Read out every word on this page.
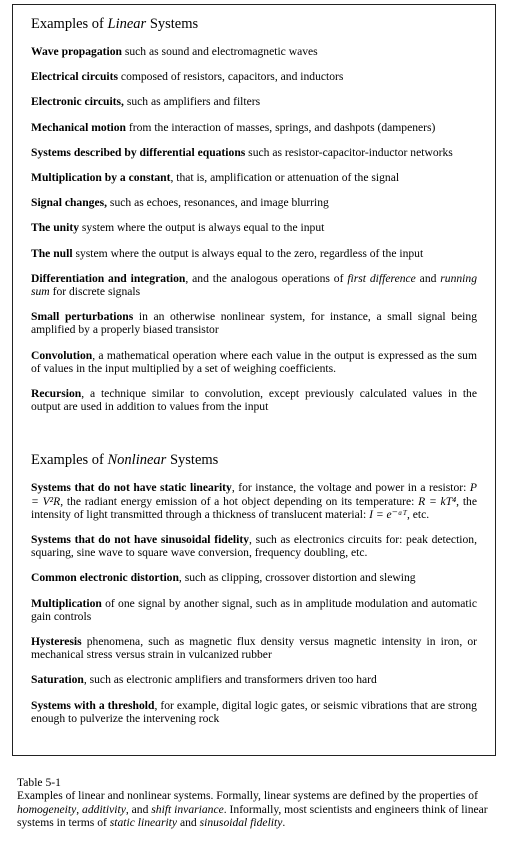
Examples of Linear Systems
Wave propagation such as sound and electromagnetic waves
Electrical circuits composed of resistors, capacitors, and inductors
Electronic circuits, such as amplifiers and filters
Mechanical motion from the interaction of masses, springs, and dashpots (dampeners)
Systems described by differential equations such as resistor-capacitor-inductor networks
Multiplication by a constant, that is, amplification or attenuation of the signal
Signal changes, such as echoes, resonances, and image blurring
The unity system where the output is always equal to the input
The null system where the output is always equal to the zero, regardless of the input
Differentiation and integration, and the analogous operations of first difference and running sum for discrete signals
Small perturbations in an otherwise nonlinear system, for instance, a small signal being amplified by a properly biased transistor
Convolution, a mathematical operation where each value in the output is expressed as the sum of values in the input multiplied by a set of weighing coefficients.
Recursion, a technique similar to convolution, except previously calculated values in the output are used in addition to values from the input
Examples of Nonlinear Systems
Systems that do not have static linearity, for instance, the voltage and power in a resistor: P = V²R, the radiant energy emission of a hot object depending on its temperature: R = kT⁴, the intensity of light transmitted through a thickness of translucent material: I = e⁻ᵅᵀ, etc.
Systems that do not have sinusoidal fidelity, such as electronics circuits for: peak detection, squaring, sine wave to square wave conversion, frequency doubling, etc.
Common electronic distortion, such as clipping, crossover distortion and slewing
Multiplication of one signal by another signal, such as in amplitude modulation and automatic gain controls
Hysteresis phenomena, such as magnetic flux density versus magnetic intensity in iron, or mechanical stress versus strain in vulcanized rubber
Saturation, such as electronic amplifiers and transformers driven too hard
Systems with a threshold, for example, digital logic gates, or seismic vibrations that are strong enough to pulverize the intervening rock
Table 5-1
Examples of linear and nonlinear systems. Formally, linear systems are defined by the properties of homogeneity, additivity, and shift invariance. Informally, most scientists and engineers think of linear systems in terms of static linearity and sinusoidal fidelity.
